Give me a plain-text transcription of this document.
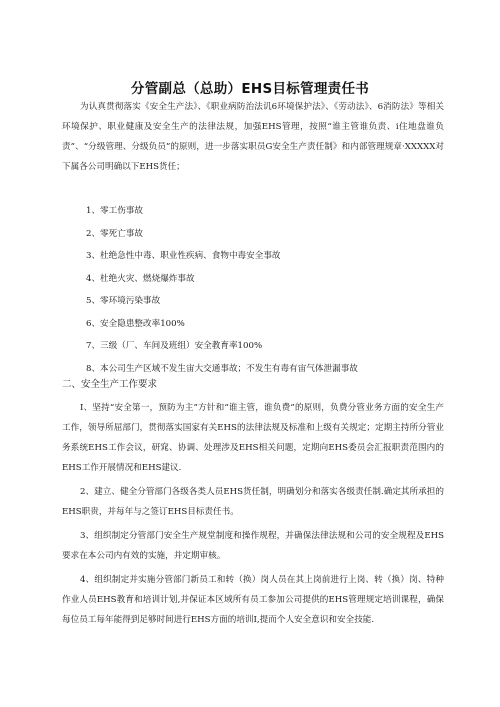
分管副总（总助）EHS目标管理责任书

为认真贯彻落实《安全生产法》、《职业病防治法讥6环境保护法》、《劳动法》、6消防法》等相关环境保护、职业健康及安全生产的法律法规，加强EHS管理，按照“谁主管谁负责、i住地盘谁负责”、“分级管理、分级负员”的原则，进一步落实职员G安全生产责任制》和内部管理规章·XXXXX对下属各公司明确以下EHS货任；

1、零工伤事故
2、零死亡事故
3、杜绝急性中毒、职业性疾病、食物中毒安全事故
4、杜绝火灾、燃烧爆炸事故
5、零环境污染事故
6、安全隐患整改率100%
7、三级（厂、车间及班组）安全教育率100%
8、本公司生产区域不发生宙大交通事故；不发生有毒有宙气体泄漏事故
二、安全生产工作要求

I、坚持“安全第一，预防为主”方针和“谁主管，谁负费”的原则，负费分管业务方面的安全生产工作，领导所屈部门，贯彻落实国家有关EHS的法律法规及标准和上级有关规定；定期主持所分管业务系统EHS工作会议，研窕、协调、处理涉及EHS相关问题，定期向EHS委员会汇报职责范围内的EHS工作开展情况和EHS建议.

2、建立、健全分管部门各级各类人员EHS货任制，明确划分和落实各级责任制.确定其所承担的EHS职贵，并每年与之签订EHS目标责任书。

3、组织制定分管部门安全生产规堂制度和操作规程，并确保法律法规和公司的安全规程及EHS要求在本公司内有效的实施，并定期审核。

4、组织制定并实施分管部门新员工和转（换）岗人员在其上岗前进行上岗、转（换）岗、特种作业人员EHS教育和培训计划,并保证本区域所有员工参加公司提供的EHS管理规定培训课程，确保每位员工每年能得到足够时间进行EHS方面的培训I,提而个人安全意识和安全技能.
